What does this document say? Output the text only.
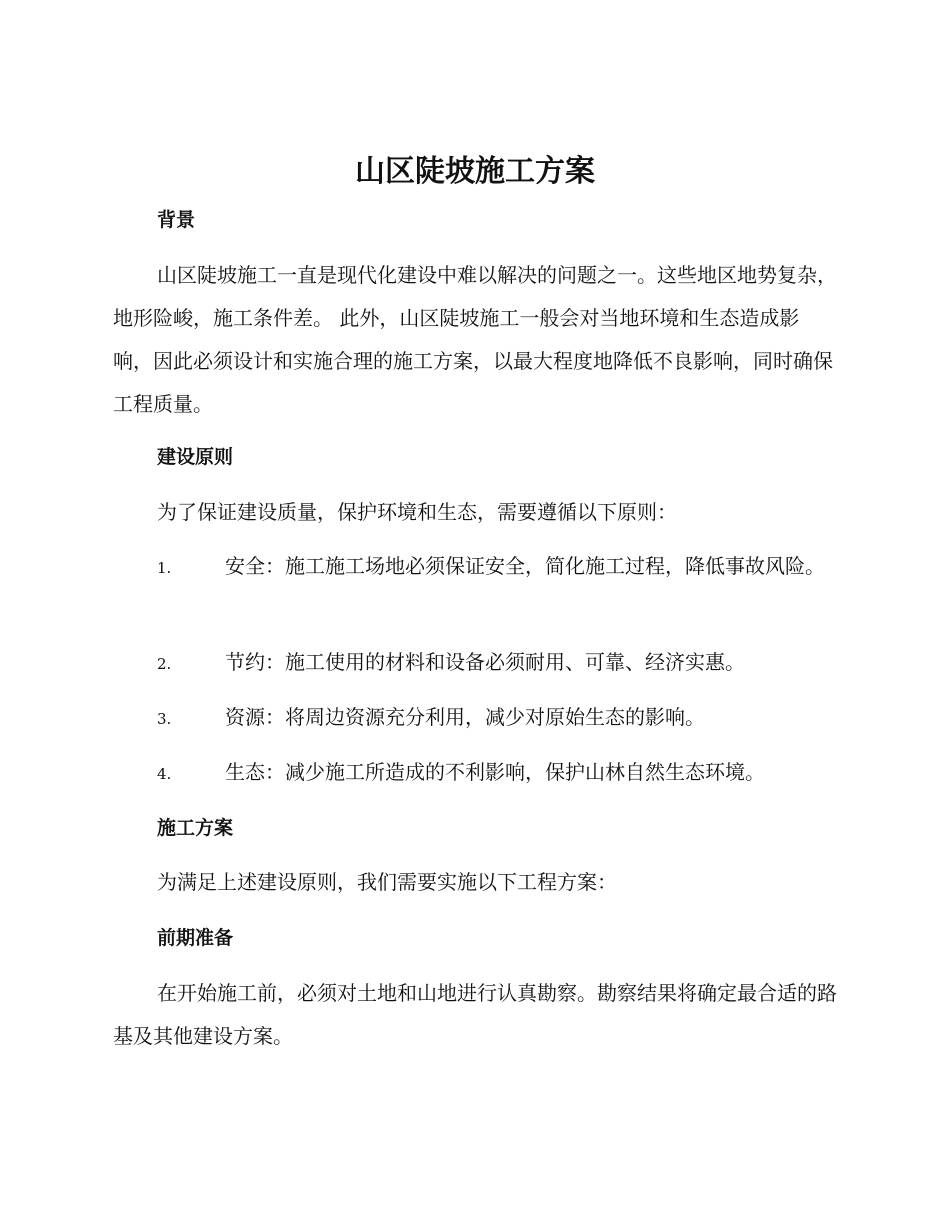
山区陡坡施工方案
背景

山区陡坡施工一直是现代化建设中难以解决的问题之一。这些地区地势复杂，地形险峻，施工条件差。 此外，山区陡坡施工一般会对当地环境和生态造成影响，因此必须设计和实施合理的施工方案，以最大程度地降低不良影响，同时确保工程质量。

建设原则

为了保证建设质量，保护环境和生态，需要遵循以下原则：

1.	安全：施工施工场地必须保证安全，简化施工过程，降低事故风险。
2.	节约：施工使用的材料和设备必须耐用、可靠、经济实惠。
3.	资源：将周边资源充分利用，减少对原始生态的影响。
4.	生态：减少施工所造成的不利影响，保护山林自然生态环境。
施工方案

为满足上述建设原则，我们需要实施以下工程方案：

前期准备

在开始施工前，必须对土地和山地进行认真勘察。勘察结果将确定最合适的路基及其他建设方案。
